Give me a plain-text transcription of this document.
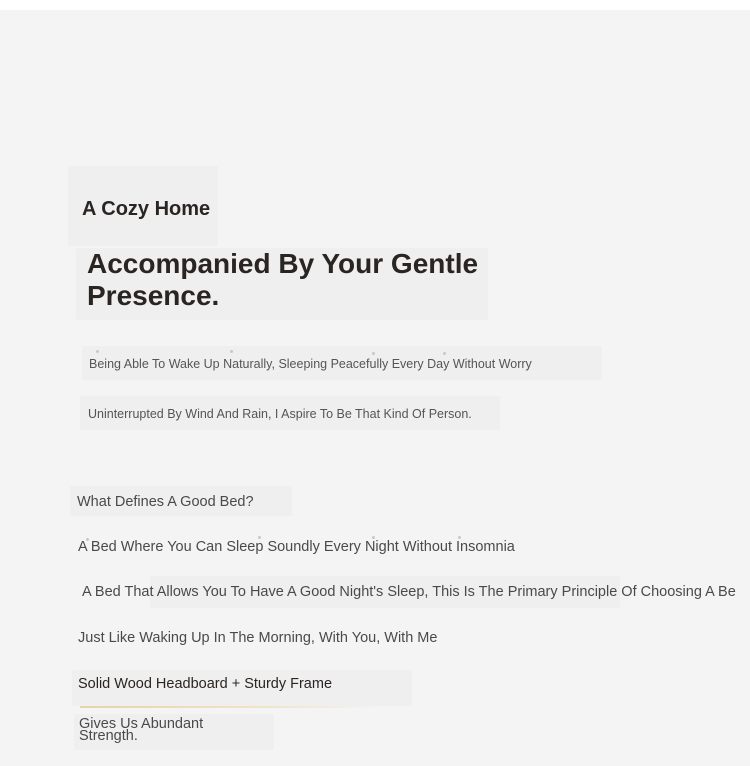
A Cozy Home
Accompanied By Your Gentle Presence.

Being Able To Wake Up Naturally, Sleeping Peacefully Every Day Without Worry

Uninterrupted By Wind And Rain, I Aspire To Be That Kind Of Person.

What Defines A Good Bed?

A Bed Where You Can Sleep Soundly Every Night Without Insomnia

A Bed That Allows You To Have A Good Night's Sleep, This Is The Primary Principle Of Choosing A Be

Just Like Waking Up In The Morning, With You, With Me

Solid Wood Headboard + Sturdy Frame

Gives Us Abundant Strength.
